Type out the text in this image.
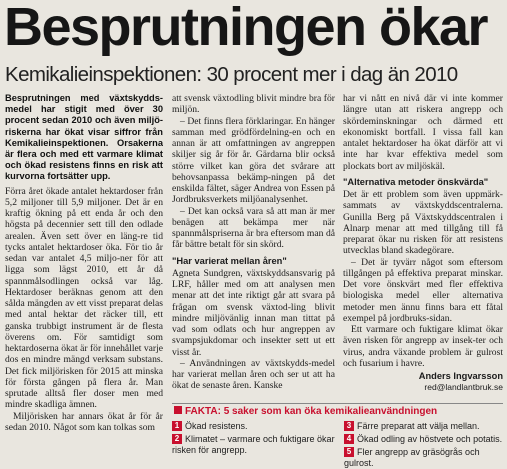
Besprutningen ökar
Kemikalieinspektionen: 30 procent mer i dag än 2010

Besprutningen med växtskydds-medel har stigit med över 30 procent sedan 2010 och även miljö-riskerna har ökat visar siffror från Kemikalieinspektionen. Orsakerna är flera och med ett varmare klimat och ökad resistens finns en risk att kurvorna fortsätter upp.

Förra året ökade antalet hektardoser från 5,2 miljoner till 5,9 miljoner. Det är en kraftig ökning på ett enda år och den högsta på decennier sett till den odlade arealen. Även sett över en läng-re tid tycks antalet hektardoser öka. För tio år sedan var antalet 4,5 miljo-ner för att ligga som lägst 2010, ett år då spannmålsodlingen också var låg. Hektardoser beräknas genom att den sålda mängden av ett visst preparat delas med antal hektar det räcker till, ett ganska trubbigt instrument är de flesta överens om. För samtidigt som hektardoserna ökat är för innehållet varje dos en mindre mängd verksam substans. Det fick miljörisken för 2015 att minska för första gången på flera år. Man sprutade alltså fler doser men med mindre skadliga ämnen.

Miljörisken har annars ökat år för år sedan 2010. Något som kan tolkas som

att svensk växtodling blivit mindre bra för miljön.

– Det finns flera förklaringar. En hänger samman med grödfördelning-en och en annan är att omfattningen av angreppen skiljer sig år för år. Gärdarna blir också större vilket kan göra det svårare att behovsanpassa bekämp-ningen på det enskilda fältet, säger Andrea von Essen på Jordbruksverkets miljöanalysenhet.

– Det kan också vara så att man är mer benägen att bekämpa mer när spannmålspriserna är bra eftersom man då får bättre betalt för sin skörd.

"Har varierat mellan åren"

Agneta Sundgren, växtskyddsansvarig på LRF, håller med om att analysen men menar att det inte riktigt går att svara på frågan om svensk växtod-ling blivit mindre miljövänlig innan man tittat på vad som odlats och hur angreppen av svampsjukdomar och insekter sett ut ett visst år.

– Användningen av växtskydds-medel har varierat mellan åren och ser ut att ha ökat de senaste åren. Kanske

har vi nått en nivå där vi inte kommer längre utan att riskera angrepp och skördeminskningar och därmed ett ekonomiskt bortfall. I vissa fall kan antalet hektardoser ha ökat därför att vi inte har kvar effektiva medel som plockats bort av miljöskäl.

"Alternativa metoder önskvärda"

Det är ett problem som även uppmärk-sammats av växtskyddscentralerna. Gunilla Berg på Växtskyddscentralen i Alnarp menar att med tillgång till få preparat ökar nu risken för att resistens utvecklas bland skadegörare.

– Det är tyvärr något som eftersom tillgången på effektiva preparat minskar. Det vore önskvärt med fler effektiva biologiska medel eller alternativa metoder men ännu finns bara ett fåtal exempel på jordbruks-sidan.

Ett varmare och fuktigare klimat ökar även risken för angrepp av insek-ter och virus, andra växande problem är gulrost och fusarium i havre.

Anders Ingvarsson
red@landlantbruk.se
FAKTA: 5 saker som kan öka kemikalieanvändningen
1 Ökad resistens.
2 Klimatet – varmare och fuktigare ökar risken för angrepp.
3 Färre preparat att välja mellan.
4 Ökad odling av höstvete och potatis.
5 Fler angrepp av gräsögrås och gulrost.
